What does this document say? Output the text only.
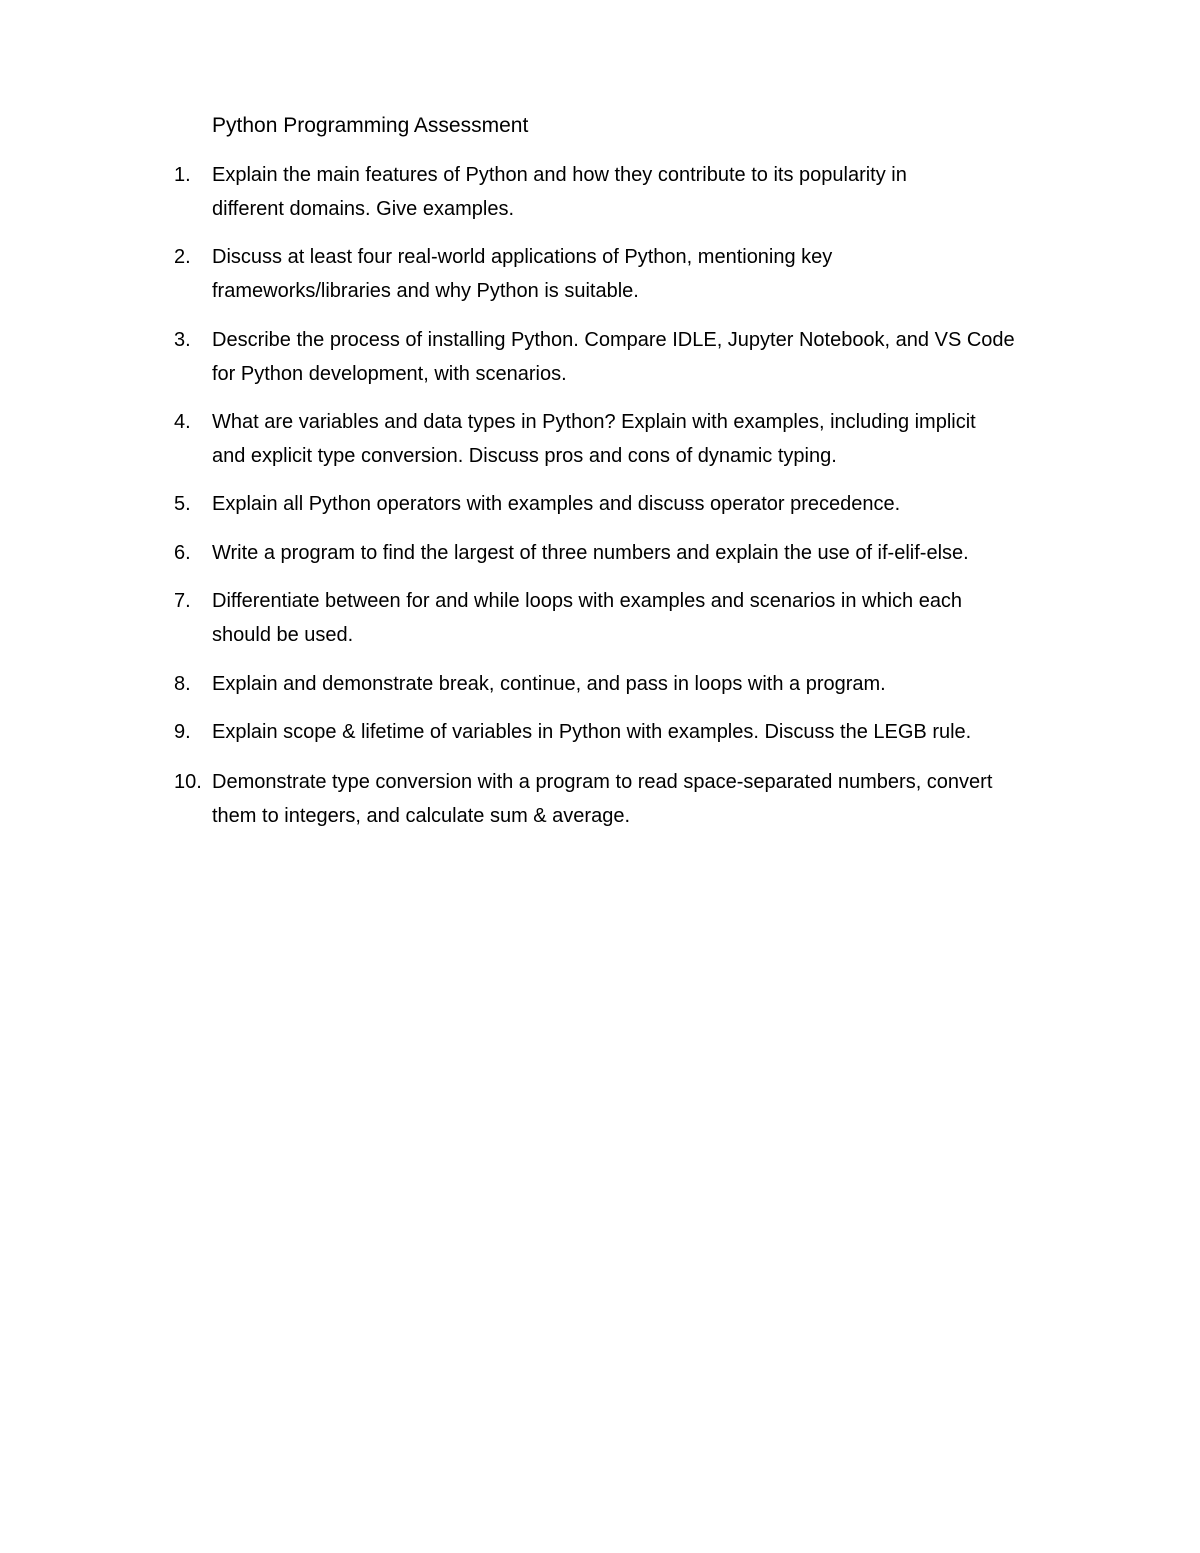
Python Programming Assessment
1. Explain the main features of Python and how they contribute to its popularity in
different domains. Give examples.
2. Discuss at least four real-world applications of Python, mentioning key
frameworks/libraries and why Python is suitable.
3. Describe the process of installing Python. Compare IDLE, Jupyter Notebook, and VS Code
for Python development, with scenarios.
4. What are variables and data types in Python? Explain with examples, including implicit
and explicit type conversion. Discuss pros and cons of dynamic typing.
5. Explain all Python operators with examples and discuss operator precedence.
6. Write a program to find the largest of three numbers and explain the use of if-elif-else.
7. Differentiate between for and while loops with examples and scenarios in which each
should be used.
8. Explain and demonstrate break, continue, and pass in loops with a program.
9. Explain scope & lifetime of variables in Python with examples. Discuss the LEGB rule.
10. Demonstrate type conversion with a program to read space-separated numbers, convert
them to integers, and calculate sum & average.
